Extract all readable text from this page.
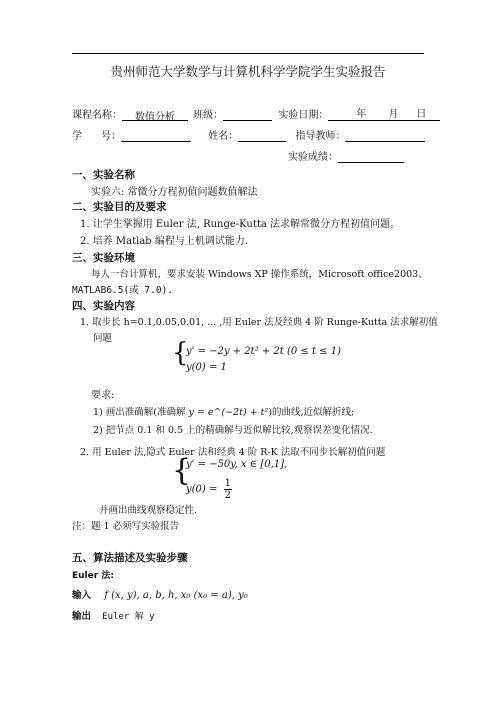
贵州师范大学数学与计算机科学学院学生实验报告
课程名称： 数值分析 班级：	实验日期：	年 月 日
学      号：	姓名：	指导教师：
实验成绩：
一、实验名称
实验六: 常微分方程初值问题数值解法
二、实验目的及要求
1. 让学生掌握用 Euler 法, Runge-Kutta 法求解常微分方程初值问题。
2. 培养 Matlab 编程与上机调试能力.
三、实验环境
每人一台计算机，要求安装 Windows XP 操作系统，Microsoft office2003、
MATLAB6.5(或 7.0).
四、实验内容
1. 取步长 h=0.1,0.05,0.01, ... ,用 Euler 法及经典 4 阶 Runge-Kutta 法求解初值
问题 {
y' = −2y + 2t² + 2t (0 ≤ t ≤ 1)
y(0) = 1
要求:
1) 画出准确解(准确解 y = e^(−2t) + t²)的曲线,近似解折线;
2) 把节点 0.1 和 0.5 上的精确解与近似解比较,观察误差变化情况.
2. 用 Euler 法,隐式 Euler 法和经典 4 阶 R-K 法取不同步长解初值问题
{
y' = −50y, x ∈ [0,1],
$y(0) = \frac{1}{2}$
并画出曲线观察稳定性.
注：题 1 必须写实验报告
五、算法描述及实验步骤
Euler 法:
输入 f (x, y), a, b, h, x₀ (x₀ = a), y₀
输出 Euler 解 y
